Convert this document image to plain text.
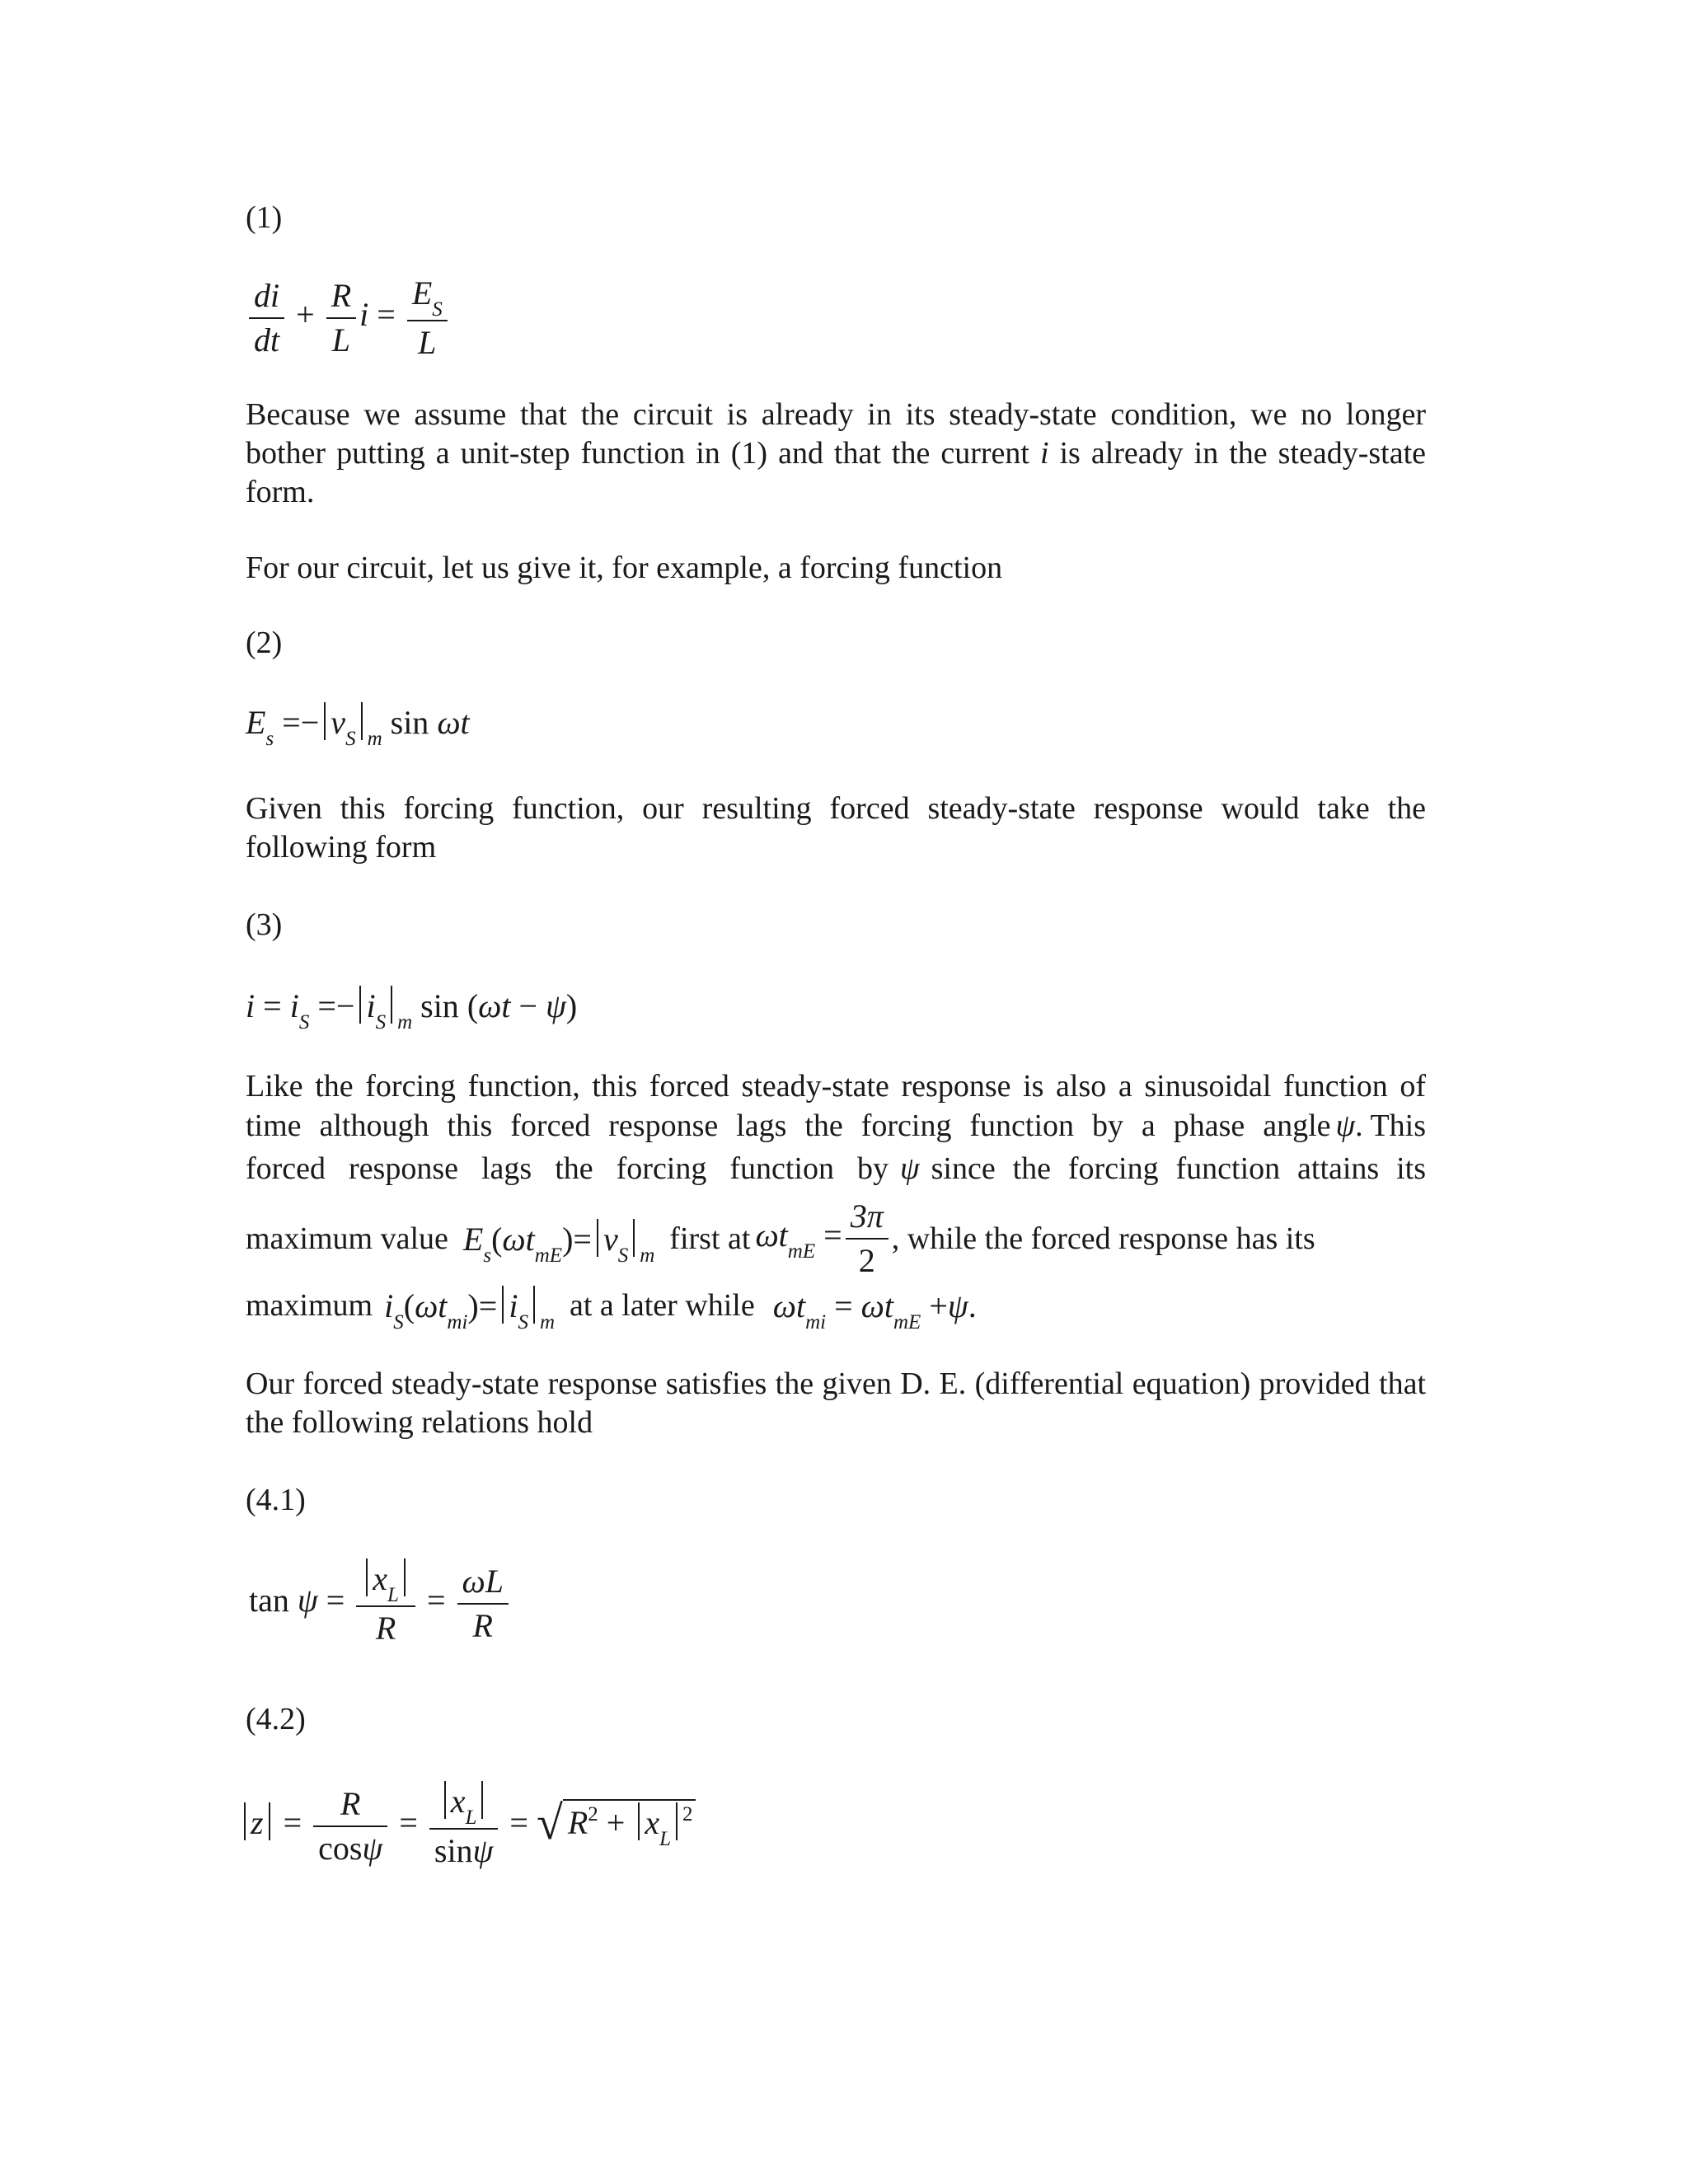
(1)
$\frac{di}{dt} + \frac{R}{L}$ $i = \frac{E_S}{L}$

Because we assume that the circuit is already in its steady-state condition, we no longer bother putting a unit-step function in (1) and that the current i is already in the steady-state form.

For our circuit, let us give it, for example, a forcing function

(2)
$E_s =- v_S$ $_m$ sin ωt

Given this forcing function, our resulting forced steady-state response would take the following form

(3)
$i = i_S =- i_S$ $_m$ sin (ωt − ψ)
Like the forcing function, this forced steady-state response is also a sinusoidal function of
time although this forced response lags the forcing function by a phase angle ψ . This
forced response lags the forcing function by ψ since the forcing function attains its
maximum value $E_s(\omega t_{mE})= v_S$ $_m$ first at $\omega t_{mE} = \frac{3\pi}{2}$ , while the forced response has its
maximum $i_S(\omega t_{mi})= i_S$ $_m$ at a later while $\omega t_{mi} = \omega t_{mE} +\psi$.

Our forced steady-state response satisfies the given D. E. (differential equation) provided that the following relations hold

(4.1)
$\tan \psi = \frac{x_L}{R} = \frac{\omega L}{R}$
(4.2)
$z = \frac{R}{\cos\psi} = \frac{x_L}{\sin\psi}$ = √ $R^2 + x_L^2$
